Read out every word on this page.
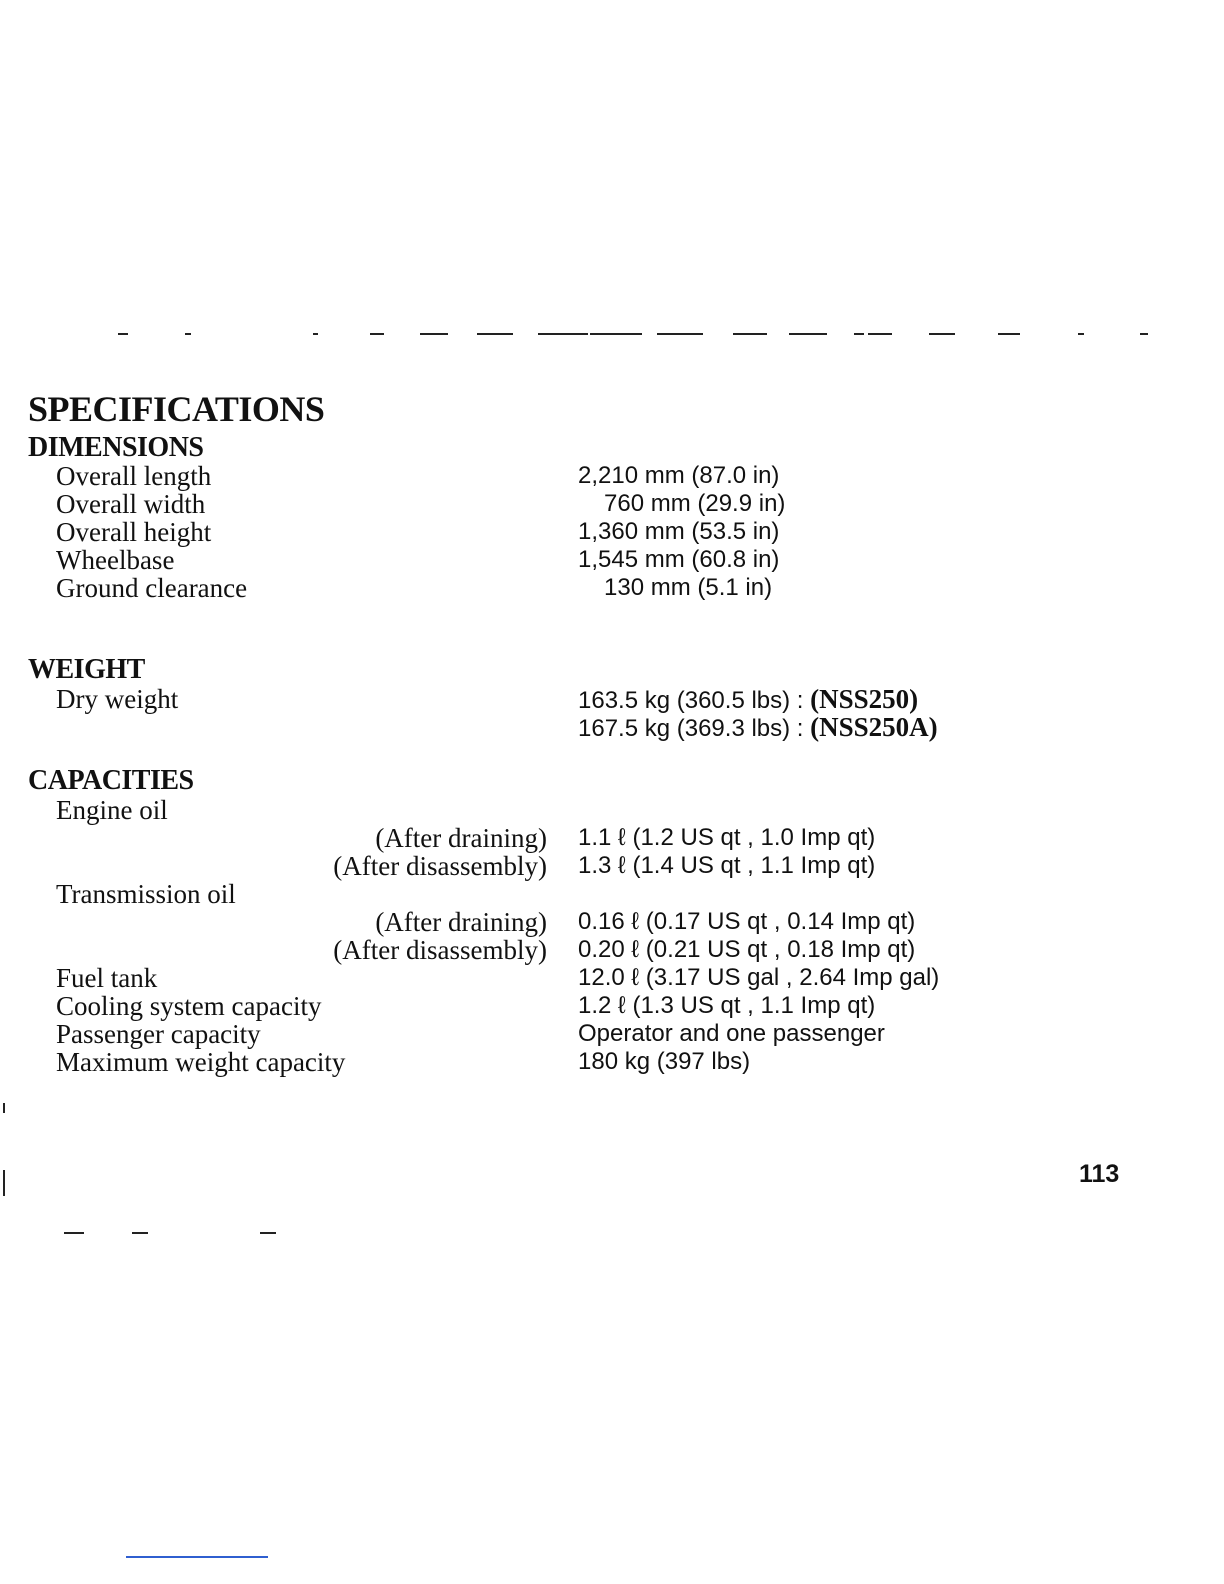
SPECIFICATIONS
DIMENSIONS
Overall length	2,210 mm (87.0 in)
Overall width	760 mm (29.9 in)
Overall height	1,360 mm (53.5 in)
Wheelbase	1,545 mm (60.8 in)
Ground clearance	130 mm (5.1 in)
WEIGHT
Dry weight	163.5 kg (360.5 lbs) : (NSS250)
167.5 kg (369.3 lbs) : (NSS250A)
CAPACITIES
Engine oil
(After draining) 1.1 ℓ (1.2 US qt , 1.0 Imp qt)
(After disassembly) 1.3 ℓ (1.4 US qt , 1.1 Imp qt)
Transmission oil
(After draining) 0.16 ℓ (0.17 US qt , 0.14 Imp qt)
(After disassembly) 0.20 ℓ (0.21 US qt , 0.18 Imp qt)
Fuel tank	12.0 ℓ (3.17 US gal , 2.64 Imp gal)
Cooling system capacity	1.2 ℓ (1.3 US qt , 1.1 Imp qt)
Passenger capacity	Operator and one passenger
Maximum weight capacity	180 kg (397 lbs)
113
